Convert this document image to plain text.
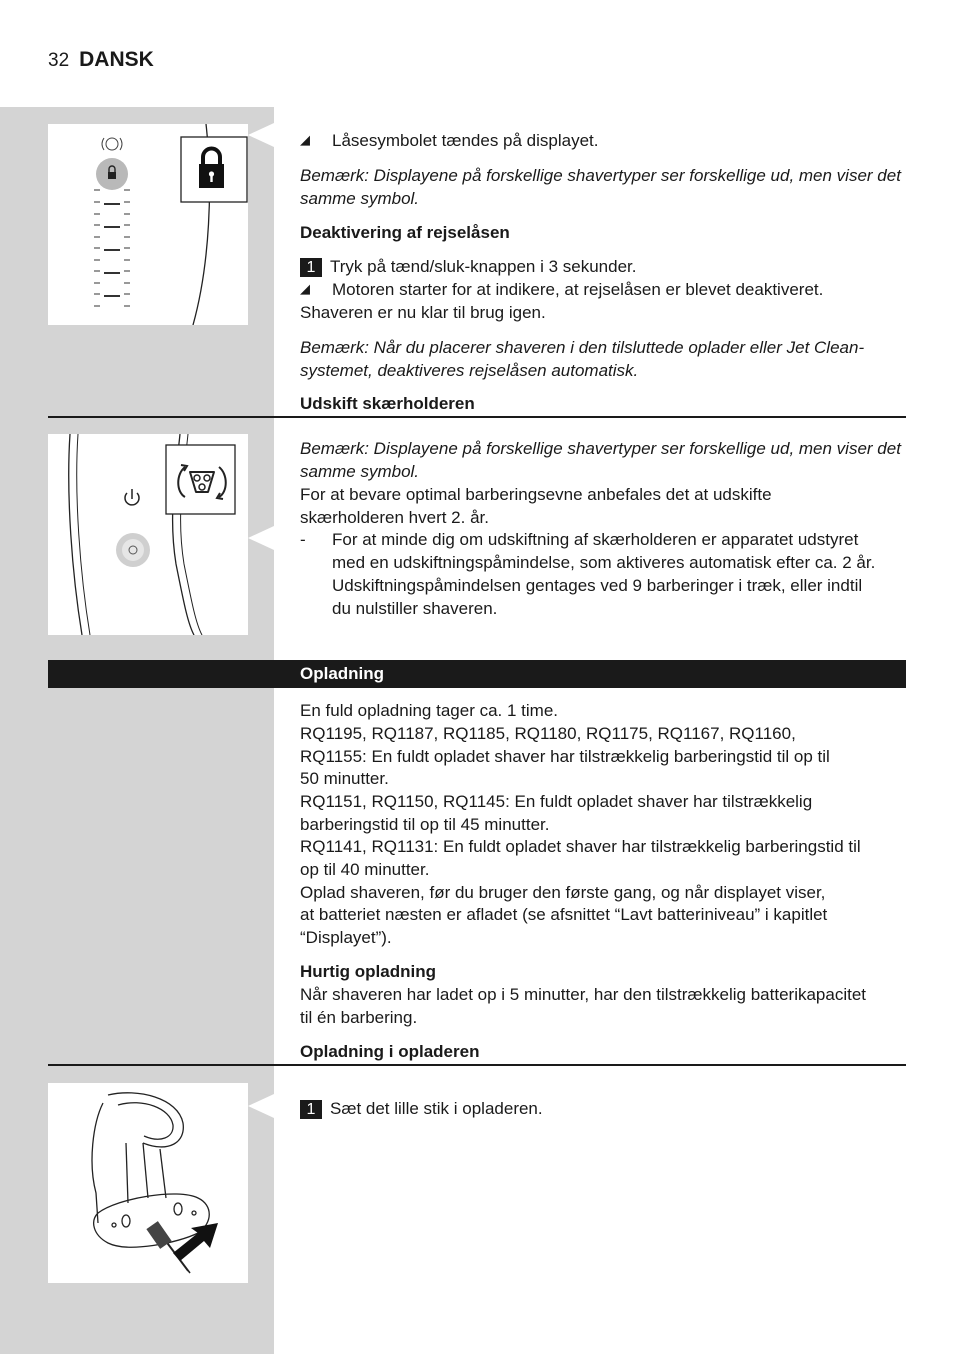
32 DANSK
◢ Låsesymbolet tændes på displayet.
Bemærk: Displayene på forskellige shavertyper ser forskellige ud, men viser det
samme symbol.
Deaktivering af rejselåsen
1 Tryk på tænd/sluk-knappen i 3 sekunder.
◢ Motoren starter for at indikere, at rejselåsen er blevet deaktiveret.
Shaveren er nu klar til brug igen.
Bemærk: Når du placerer shaveren i den tilsluttede oplader eller Jet Clean-
systemet, deaktiveres rejselåsen automatisk.
Udskift skærholderen
Bemærk: Displayene på forskellige shavertyper ser forskellige ud, men viser det
samme symbol.
For at bevare optimal barberingsevne anbefales det at udskifte
skærholderen hvert 2. år.
- For at minde dig om udskiftning af skærholderen er apparatet udstyret
med en udskiftningspåmindelse, som aktiveres automatisk efter ca. 2 år.
Udskiftningspåmindelsen gentages ved 9 barberinger i træk, eller indtil
du nulstiller shaveren.
Opladning
En fuld opladning tager ca. 1 time.
RQ1195, RQ1187, RQ1185, RQ1180, RQ1175, RQ1167, RQ1160,
RQ1155: En fuldt opladet shaver har tilstrækkelig barberingstid til op til
50 minutter.
RQ1151, RQ1150, RQ1145: En fuldt opladet shaver har tilstrækkelig
barberingstid til op til 45 minutter.
RQ1141, RQ1131: En fuldt opladet shaver har tilstrækkelig barberingstid til
op til 40 minutter.
Oplad shaveren, før du bruger den første gang, og når displayet viser,
at batteriet næsten er afladet (se afsnittet “Lavt batteriniveau” i kapitlet
“Displayet”).
Hurtig opladning
Når shaveren har ladet op i 5 minutter, har den tilstrækkelig batterikapacitet
til én barbering.
Opladning i opladeren
1 Sæt det lille stik i opladeren.
